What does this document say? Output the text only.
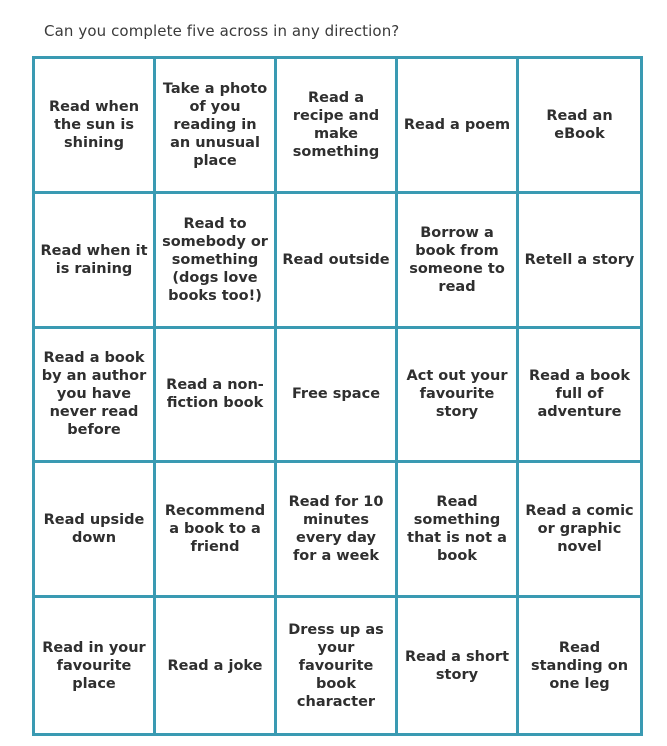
Can you complete five across in any direction?

Read when the sun is shining
Take a photo of you reading in an unusual place
Read a recipe and make something
Read a poem
Read an eBook
Read when it is raining
Read to somebody or something (dogs love books too!)
Read outside
Borrow a book from someone to read
Retell a story
Read a book by an author you have never read before
Read a non-fiction book
Free space
Act out your favourite story
Read a book full of adventure
Read upside down
Recommend a book to a friend
Read for 10 minutes every day for a week
Read something that is not a book
Read a comic or graphic novel
Read in your favourite place
Read a joke
Dress up as your favourite book character
Read a short story
Read standing on one leg
